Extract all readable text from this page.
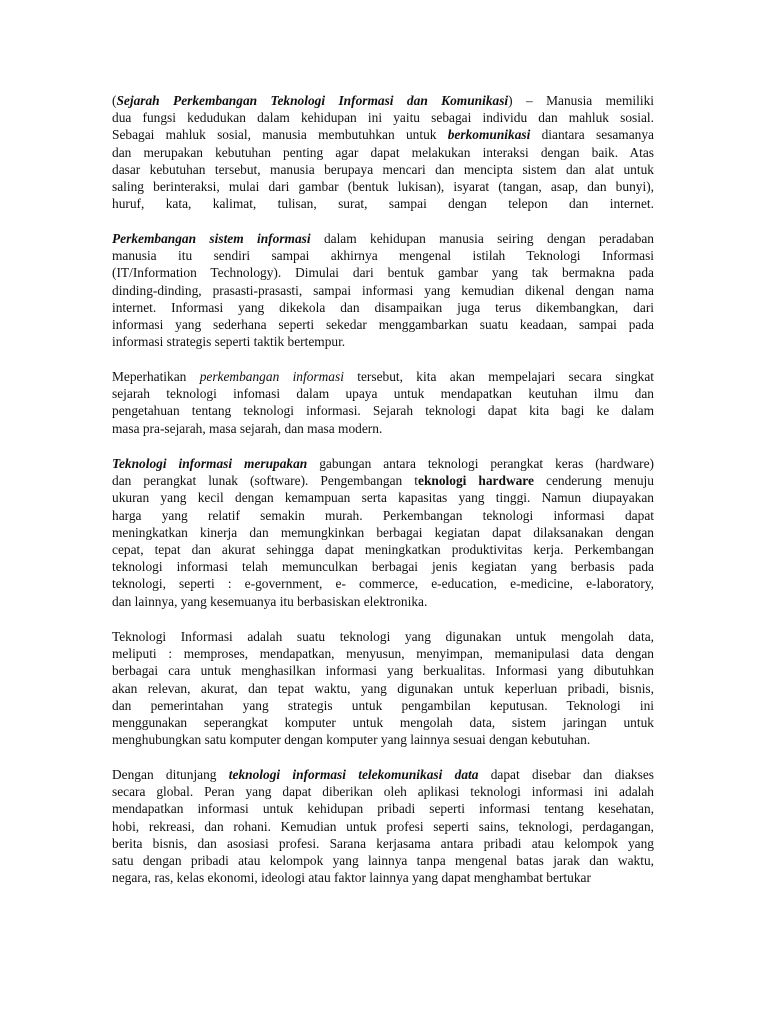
(Sejarah Perkembangan Teknologi Informasi dan Komunikasi) – Manusia memiliki
dua fungsi kedudukan dalam kehidupan ini yaitu sebagai individu dan mahluk sosial.
Sebagai mahluk sosial, manusia membutuhkan untuk berkomunikasi diantara sesamanya
dan merupakan kebutuhan penting agar dapat melakukan interaksi dengan baik. Atas
dasar kebutuhan tersebut, manusia berupaya mencari dan mencipta sistem dan alat untuk
saling berinteraksi, mulai dari gambar (bentuk lukisan), isyarat (tangan, asap, dan bunyi),
huruf, kata, kalimat, tulisan, surat, sampai dengan telepon dan internet.
Perkembangan sistem informasi dalam kehidupan manusia seiring dengan peradaban
manusia itu sendiri sampai akhirnya mengenal istilah Teknologi Informasi
(IT/Information Technology). Dimulai dari bentuk gambar yang tak bermakna pada
dinding-dinding, prasasti-prasasti, sampai informasi yang kemudian dikenal dengan nama
internet. Informasi yang dikekola dan disampaikan juga terus dikembangkan, dari
informasi yang sederhana seperti sekedar menggambarkan suatu keadaan, sampai pada
informasi strategis seperti taktik bertempur.
Meperhatikan perkembangan informasi tersebut, kita akan mempelajari secara singkat
sejarah teknologi infomasi dalam upaya untuk mendapatkan keutuhan ilmu dan
pengetahuan tentang teknologi informasi. Sejarah teknologi dapat kita bagi ke dalam
masa pra-sejarah, masa sejarah, dan masa modern.
Teknologi informasi merupakan gabungan antara teknologi perangkat keras (hardware)
dan perangkat lunak (software). Pengembangan teknologi hardware cenderung menuju
ukuran yang kecil dengan kemampuan serta kapasitas yang tinggi. Namun diupayakan
harga yang relatif semakin murah. Perkembangan teknologi informasi dapat
meningkatkan kinerja dan memungkinkan berbagai kegiatan dapat dilaksanakan dengan
cepat, tepat dan akurat sehingga dapat meningkatkan produktivitas kerja. Perkembangan
teknologi informasi telah memunculkan berbagai jenis kegiatan yang berbasis pada
teknologi, seperti : e-government, e- commerce, e-education, e-medicine, e-laboratory,
dan lainnya, yang kesemuanya itu berbasiskan elektronika.
Teknologi Informasi adalah suatu teknologi yang digunakan untuk mengolah data,
meliputi : memproses, mendapatkan, menyusun, menyimpan, memanipulasi data dengan
berbagai cara untuk menghasilkan informasi yang berkualitas. Informasi yang dibutuhkan
akan relevan, akurat, dan tepat waktu, yang digunakan untuk keperluan pribadi, bisnis,
dan pemerintahan yang strategis untuk pengambilan keputusan. Teknologi ini
menggunakan seperangkat komputer untuk mengolah data, sistem jaringan untuk
menghubungkan satu komputer dengan komputer yang lainnya sesuai dengan kebutuhan.
Dengan ditunjang teknologi informasi telekomunikasi data dapat disebar dan diakses
secara global. Peran yang dapat diberikan oleh aplikasi teknologi informasi ini adalah
mendapatkan informasi untuk kehidupan pribadi seperti informasi tentang kesehatan,
hobi, rekreasi, dan rohani. Kemudian untuk profesi seperti sains, teknologi, perdagangan,
berita bisnis, dan asosiasi profesi. Sarana kerjasama antara pribadi atau kelompok yang
satu dengan pribadi atau kelompok yang lainnya tanpa mengenal batas jarak dan waktu,
negara, ras, kelas ekonomi, ideologi atau faktor lainnya yang dapat menghambat bertukar
